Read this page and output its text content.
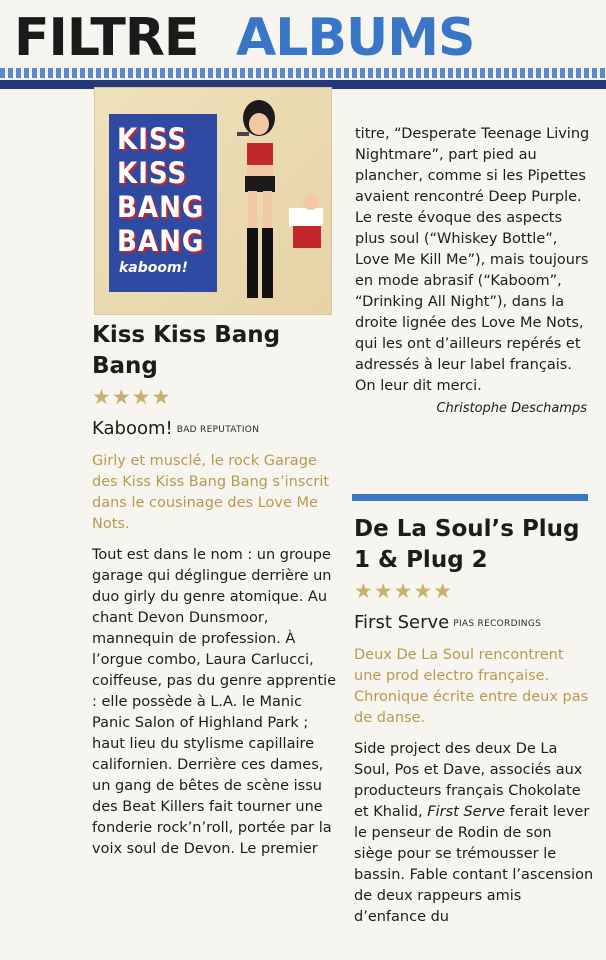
FILTRE ALBUMS
KISS
KISS
BANG
BANG
kaboom!
Kiss Kiss Bang Bang
★★★★
Kaboom! BAD REPUTATION
Girly et musclé, le rock Garage des Kiss Kiss Bang Bang s’inscrit dans le cousinage des Love Me Nots.
Tout est dans le nom : un groupe garage qui déglingue derrière un duo girly du genre atomique. Au chant Devon Dunsmoor, mannequin de profession. À l’orgue combo, Laura Carlucci, coiffeuse, pas du genre apprentie : elle possède à L.A. le Manic Panic Salon of Highland Park ; haut lieu du stylisme capillaire californien. Derrière ces dames, un gang de bêtes de scène issu des Beat Killers fait tourner une fonderie rock’n’roll, portée par la voix soul de Devon. Le premier
titre, “Desperate Teenage Living Nightmare”, part pied au plancher, comme si les Pipettes avaient rencontré Deep Purple. Le reste évoque des aspects plus soul (“Whiskey Bottle”, Love Me Kill Me”), mais toujours en mode abrasif (“Kaboom”, “Drinking All Night”), dans la droite lignée des Love Me Nots, qui les ont d’ailleurs repérés et adressés à leur label français. On leur dit merci.
Christophe Deschamps
De La Soul’s Plug 1 & Plug 2
★★★★★
First Serve PIAS RECORDINGS
Deux De La Soul rencontrent une prod electro française. Chronique écrite entre deux pas de danse.
Side project des deux De La Soul, Pos et Dave, associés aux producteurs français Chokolate et Khalid, First Serve ferait lever le penseur de Rodin de son siège pour se trémousser le bassin. Fable contant l’ascension de deux rappeurs amis d’enfance du
